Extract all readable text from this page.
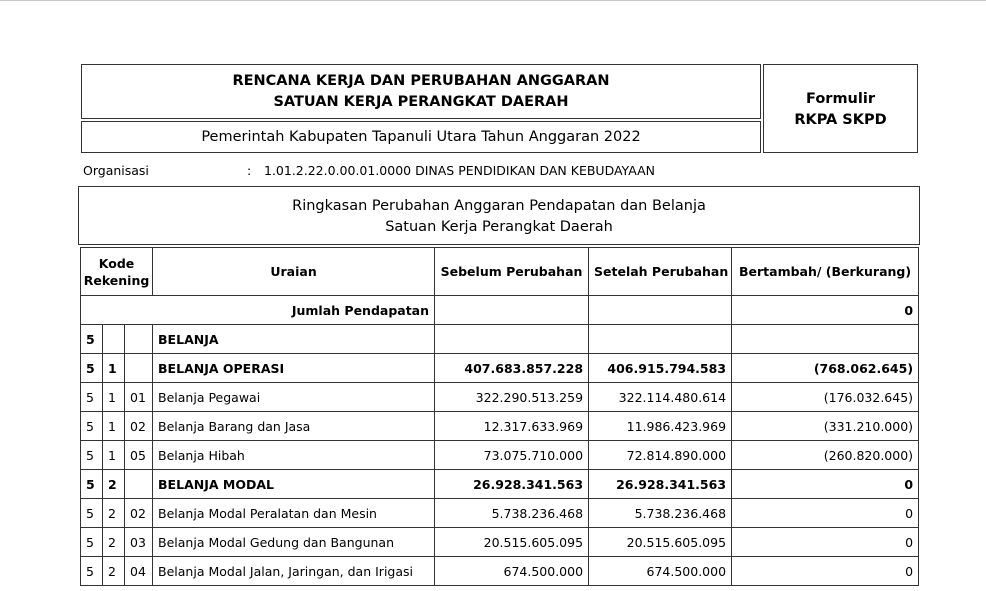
RENCANA KERJA DAN PERUBAHAN ANGGARAN
SATUAN KERJA PERANGKAT DAERAH
Pemerintah Kabupaten Tapanuli Utara Tahun Anggaran 2022
Formulir
RKPA SKPD
Organisasi	: 1.01.2.22.0.00.01.0000 DINAS PENDIDIKAN DAN KEBUDAYAAN
Ringkasan Perubahan Anggaran Pendapatan dan Belanja
Satuan Kerja Perangkat Daerah
Kode Rekening			Uraian	Sebelum Perubahan	Setelah Perubahan	Bertambah/ (Berkurang)
Jumlah Pendapatan						0
5			BELANJA			
5	1		BELANJA OPERASI	407.683.857.228	406.915.794.583	(768.062.645)
5	1	01	Belanja Pegawai	322.290.513.259	322.114.480.614	(176.032.645)
5	1	02	Belanja Barang dan Jasa	12.317.633.969	11.986.423.969	(331.210.000)
5	1	05	Belanja Hibah	73.075.710.000	72.814.890.000	(260.820.000)
5	2		BELANJA MODAL	26.928.341.563	26.928.341.563	0
5	2	02	Belanja Modal Peralatan dan Mesin	5.738.236.468	5.738.236.468	0
5	2	03	Belanja Modal Gedung dan Bangunan	20.515.605.095	20.515.605.095	0
5	2	04	Belanja Modal Jalan, Jaringan, dan Irigasi	674.500.000	674.500.000	0
